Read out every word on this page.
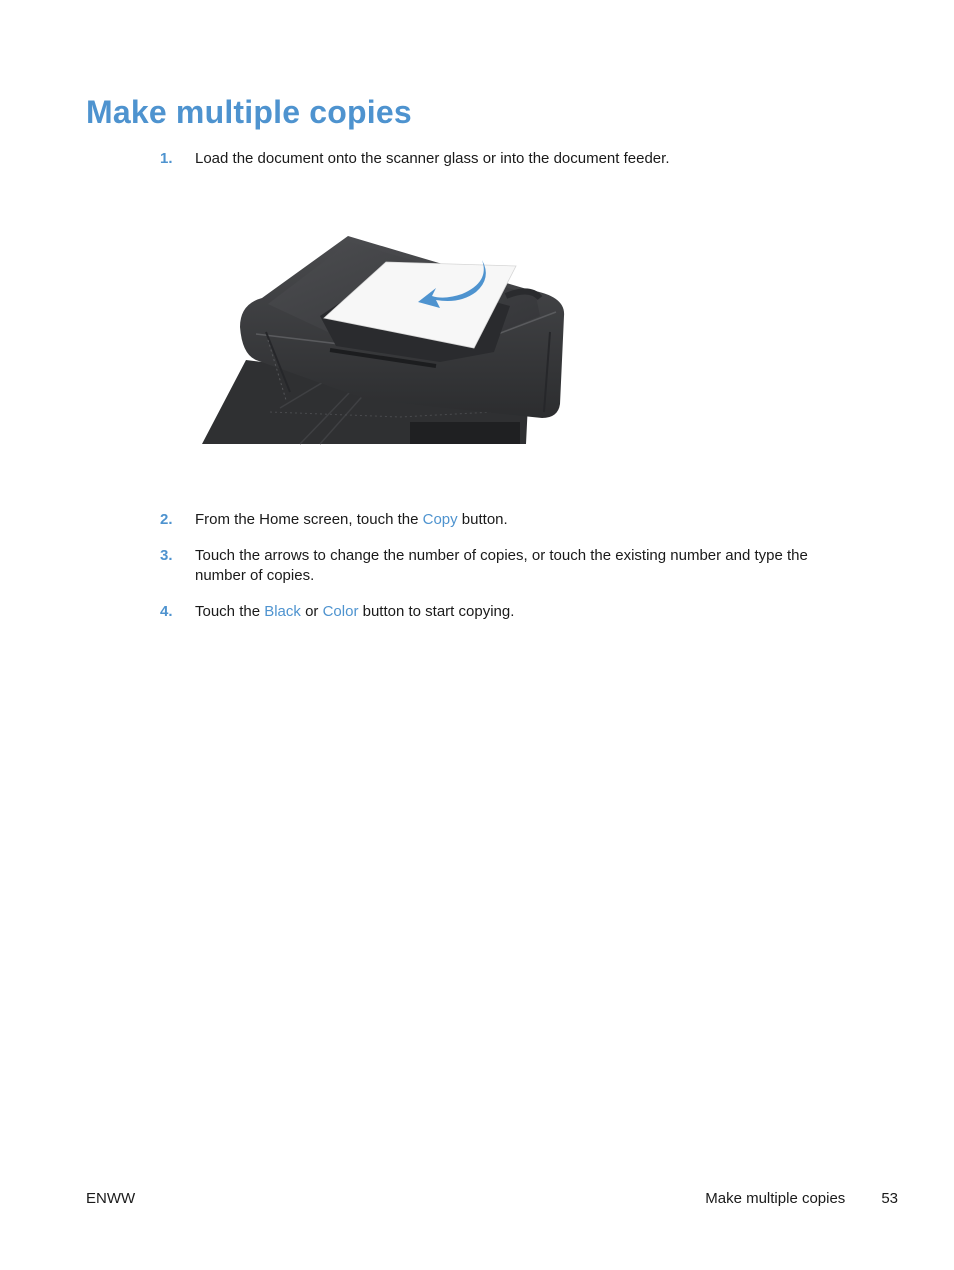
Make multiple copies
1. Load the document onto the scanner glass or into the document feeder.
2. From the Home screen, touch the Copy button.
3. Touch the arrows to change the number of copies, or touch the existing number and type the number of copies.
4. Touch the Black or Color button to start copying.
ENWW	Make multiple copies 53
